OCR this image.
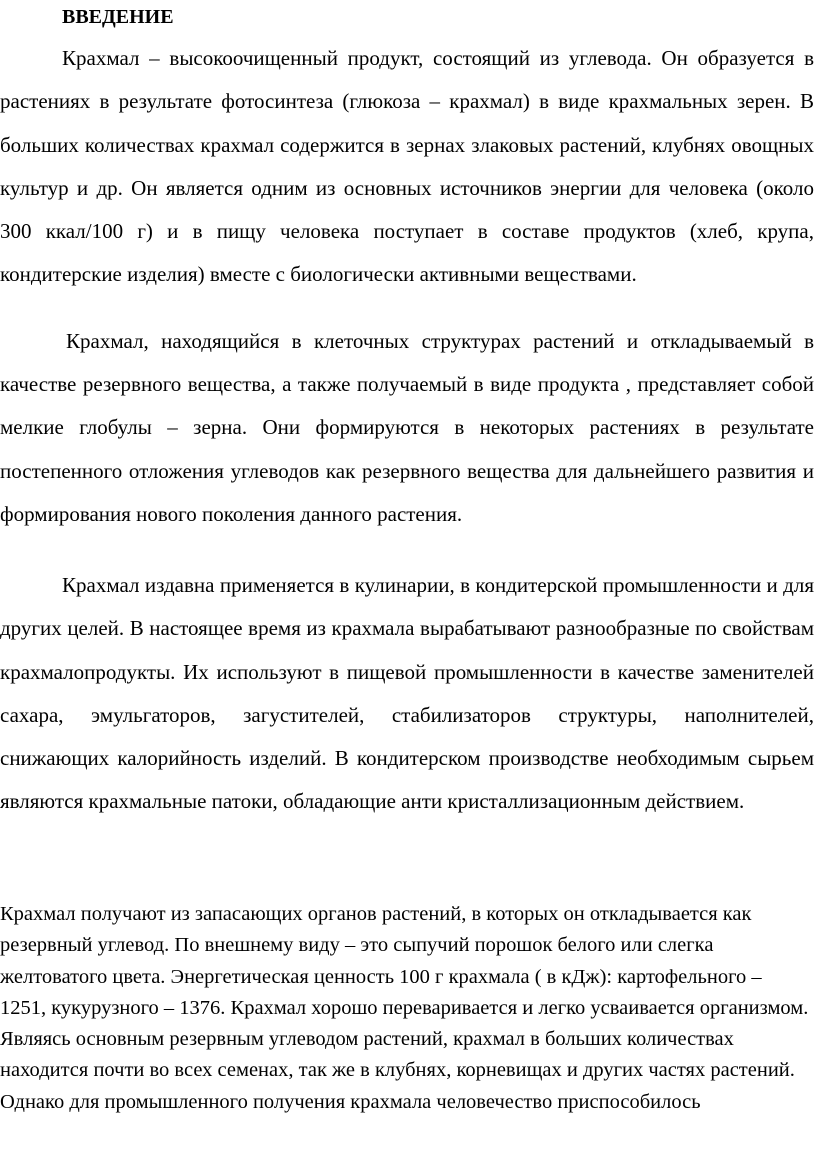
ВВЕДЕНИЕ

Крахмал – высокоочищенный продукт, состоящий из углевода. Он образуется в растениях в результате фотосинтеза (глюкоза – крахмал) в виде крахмальных зерен. В больших количествах крахмал содержится в зернах злаковых растений, клубнях овощных культур и др. Он является одним из основных источников энергии для человека (около 300 ккал/100 г) и в пищу человека поступает в составе продуктов (хлеб, крупа, кондитерские изделия) вместе с биологически активными веществами.

Крахмал, находящийся в клеточных структурах растений и откладываемый в качестве резервного вещества, а также получаемый в виде продукта , представляет собой мелкие глобулы – зерна. Они формируются в некоторых растениях в результате постепенного отложения углеводов как резервного вещества для дальнейшего развития и формирования нового поколения данного растения.

Крахмал издавна применяется в кулинарии, в кондитерской промышленности и для других целей. В настоящее время из крахмала вырабатывают разнообразные по свойствам крахмалопродукты. Их используют в пищевой промышленности в качестве заменителей сахара, эмульгаторов, загустителей, стабилизаторов структуры, наполнителей, снижающих калорийность изделий. В кондитерском производстве необходимым сырьем являются крахмальные патоки, обладающие анти кристаллизационным действием.

Крахмал получают из запасающих органов растений, в которых он откладывается как резервный углевод. По внешнему виду – это сыпучий порошок белого или слегка желтоватого цвета. Энергетическая ценность 100 г крахмала ( в кДж): картофельного – 1251, кукурузного – 1376. Крахмал хорошо переваривается и легко усваивается организмом. Являясь основным резервным углеводом растений, крахмал в больших количествах находится почти во всех семенах, так же в клубнях, корневищах и других частях растений. Однако для промышленного получения крахмала человечество приспособилось
